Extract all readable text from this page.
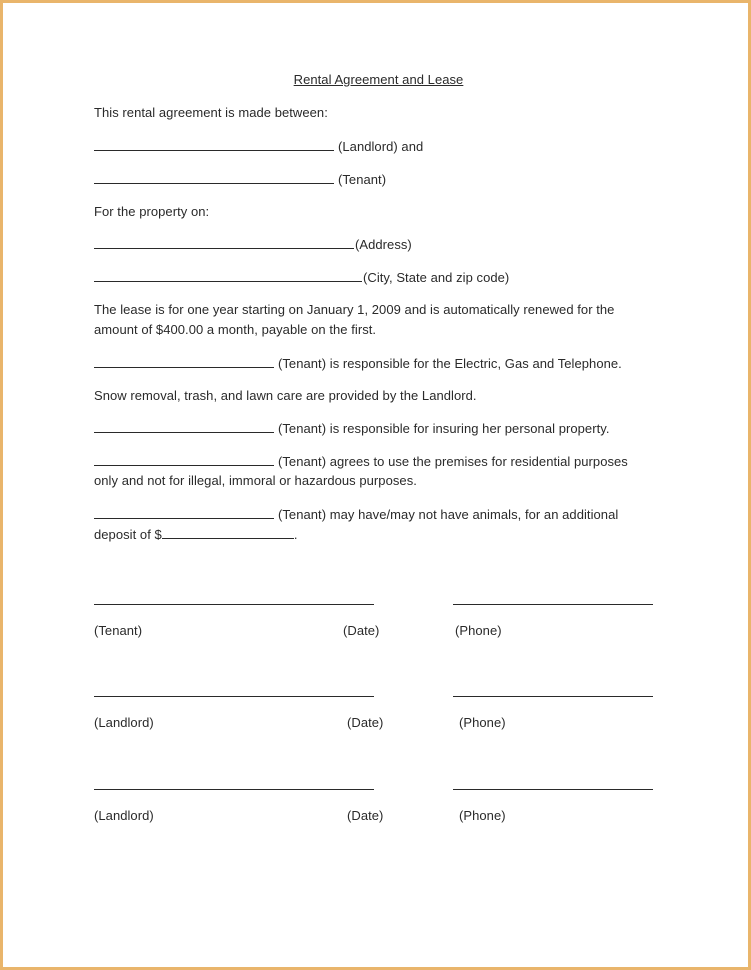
Rental Agreement and Lease
This rental agreement is made between:
(Landlord) and
(Tenant)
For the property on:
(Address)
(City, State and zip code)
The lease is for one year starting on January 1, 2009 and is automatically renewed for the
amount of $400.00 a month, payable on the first.
(Tenant) is responsible for the Electric, Gas and Telephone.
Snow removal, trash, and lawn care are provided by the Landlord.
(Tenant) is responsible for insuring her personal property.
(Tenant) agrees to use the premises for residential purposes
only and not for illegal, immoral or hazardous purposes.
(Tenant) may have/may not have animals, for an additional
deposit of $	.
(Tenant)	(Date)	(Phone)
(Landlord)	(Date)	(Phone)
(Landlord)	(Date)	(Phone)
